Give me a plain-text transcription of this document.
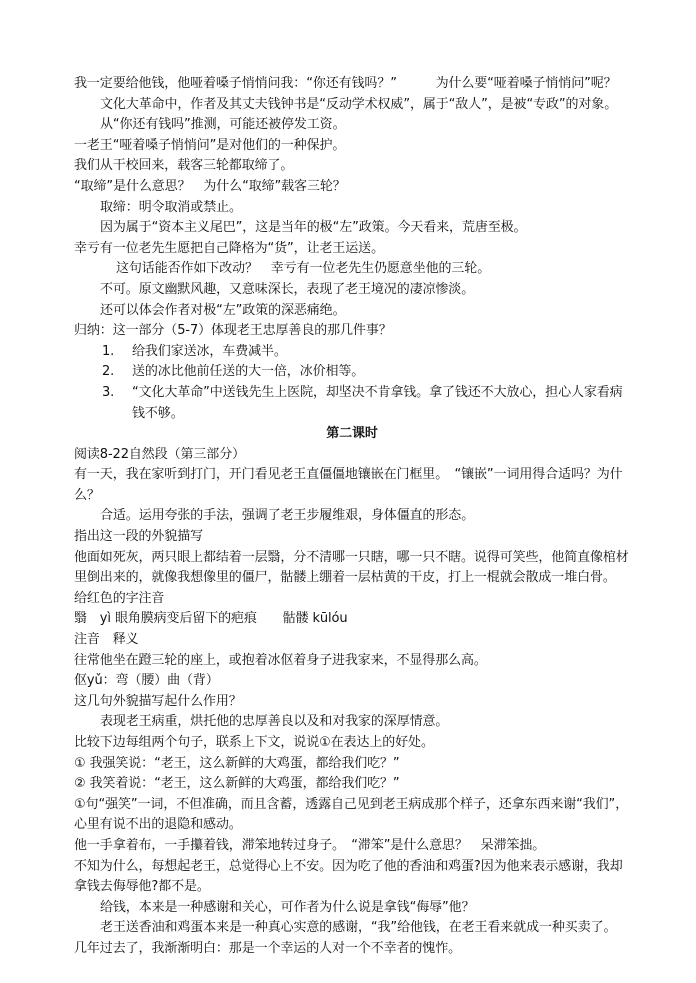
我一定要给他钱，他哑着嗓子悄悄问我：“你还有钱吗？”　　　为什么要“哑着嗓子悄悄问”呢？
文化大革命中，作者及其丈夫钱钟书是“反动学术权威”，属于“敌人”，是被“专政”的对象。
从“你还有钱吗”推测，可能还被停发工资。
一老王“哑着嗓子悄悄问”是对他们的一种保护。
我们从干校回来，载客三轮都取缔了。
“取缔”是什么意思？　为什么“取缔”载客三轮？
取缔：明令取消或禁止。
因为属于“资本主义尾巴”，这是当年的极“左”政策。今天看来，荒唐至极。
幸亏有一位老先生愿把自己降格为“货”，让老王运送。
这句话能否作如下改动？　幸亏有一位老先生仍愿意坐他的三轮。
不可。原文幽默风趣，又意味深长，表现了老王境况的凄凉惨淡。
还可以体会作者对极“左”政策的深恶痛绝。
归纳：这一部分（5-7）体现老王忠厚善良的那几件事？
1.	给我们家送冰，车费减半。
2.	送的冰比他前任送的大一倍，冰价相等。
3.	“文化大革命”中送钱先生上医院，却坚决不肯拿钱。拿了钱还不大放心，担心人家看病钱不够。
第二课时
阅读8-22自然段（第三部分）
有一天，我在家听到打门，开门看见老王直僵僵地镶嵌在门框里。　“镶嵌”一词用得合适吗？为什么？
合适。运用夸张的手法，强调了老王步履维艰，身体僵直的形态。
指出这一段的外貌描写
他面如死灰，两只眼上都结着一层翳，分不清哪一只瞎，哪一只不瞎。说得可笑些，他简直像棺材里倒出来的，就像我想像里的僵尸，骷髅上绷着一层枯黄的干皮，打上一棍就会散成一堆白骨。
给红色的字注音
翳　yì 眼角膜病变后留下的疤痕　　骷髅 kūlóu
注音　释义
往常他坐在蹬三轮的座上，或抱着冰伛着身子进我家来，不显得那么高。
伛yǔ：弯（腰）曲（背）
这几句外貌描写起什么作用？
表现老王病重，烘托他的忠厚善良以及和对我家的深厚情意。
比较下边每组两个句子，联系上下文，说说①在表达上的好处。
① 我强笑说：“老王，这么新鲜的大鸡蛋，都给我们吃？”
② 我笑着说：“老王，这么新鲜的大鸡蛋，都给我们吃？”
①句“强笑”一词，不但准确，而且含蓄，透露自己见到老王病成那个样子，还拿东西来谢“我们”，心里有说不出的退隐和感动。
他一手拿着布，一手攥着钱，滞笨地转过身子。　“滞笨”是什么意思？　呆滞笨拙。
不知为什么，每想起老王，总觉得心上不安。因为吃了他的香油和鸡蛋?因为他来表示感谢，我却拿钱去侮辱他?都不是。
给钱，本来是一种感谢和关心，可作者为什么说是拿钱“侮辱”他？
老王送香油和鸡蛋本来是一种真心实意的感谢，“我”给他钱，在老王看来就成一种买卖了。
几年过去了，我渐渐明白：那是一个幸运的人对一个不幸者的愧怍。
